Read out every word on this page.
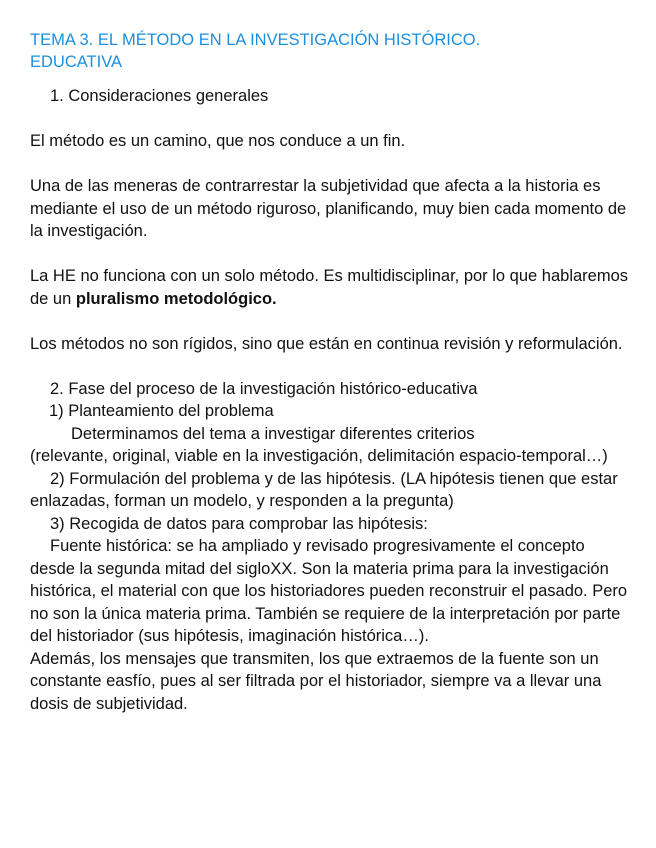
TEMA 3. EL MÉTODO EN LA INVESTIGACIÓN HISTÓRICO.
EDUCATIVA

1. Consideraciones generales

El método es un camino, que nos conduce a un fin.

Una de las meneras de contrarrestar la subjetividad que afecta a la historia es mediante el uso de un método riguroso, planificando, muy bien cada momento de la investigación.

La HE no funciona con un solo método. Es multidisciplinar, por lo que hablaremos de un pluralismo metodológico.

Los métodos no son rígidos, sino que están en continua revisión y reformulación.

2. Fase del proceso de la investigación histórico-educativa

1) Planteamiento del problema

Determinamos del tema a investigar diferentes criterios

(relevante, original, viable en la investigación, delimitación espacio-temporal…)

2) Formulación del problema y de las hipótesis. (LA hipótesis tienen que estar enlazadas, forman un modelo, y responden a la pregunta)

3) Recogida de datos para comprobar las hipótesis:

Fuente histórica: se ha ampliado y revisado progresivamente el concepto desde la segunda mitad del sigloXX. Son la materia prima para la investigación histórica, el material con que los historiadores pueden reconstruir el pasado. Pero no son la única materia prima. También se requiere de la interpretación por parte del historiador (sus hipótesis, imaginación histórica…).

Además, los mensajes que transmiten, los que extraemos de la fuente son un constante easfío, pues al ser filtrada por el historiador, siempre va a llevar una dosis de subjetividad.
